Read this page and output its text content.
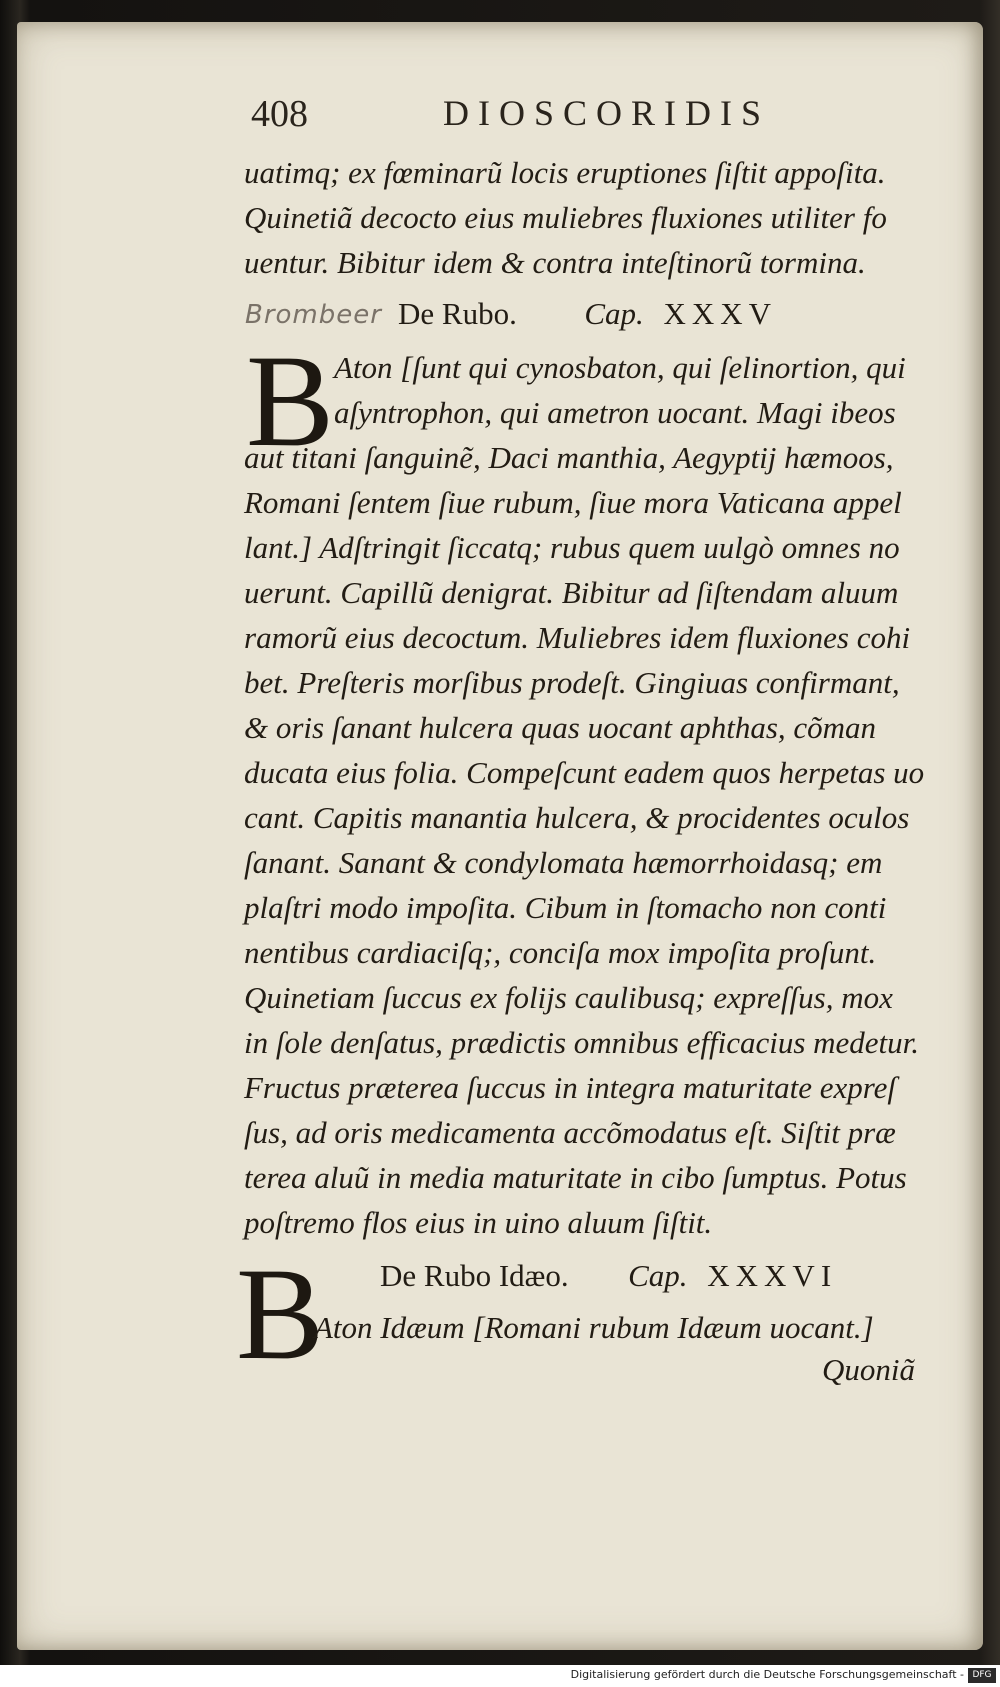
408	DIOSCORIDIS
uatimq; ex fœminarũ locis eruptiones ſiſtit appoſita.
Quinetiã decocto eius muliebres fluxiones utiliter fo
uentur. Bibitur idem & contra inteſtinorũ tormina.
Brombeer De Rubo. Cap. XXXV
B Aton [ſunt qui cynosbaton, qui ſelinortion, qui
aſyntrophon, qui ametron uocant. Magi ibeos
aut titani ſanguinẽ, Daci manthia, Aegyptij hæmoos,
Romani ſentem ſiue rubum, ſiue mora Vaticana appel
lant.] Adſtringit ſiccatq; rubus quem uulgò omnes no
uerunt. Capillũ denigrat. Bibitur ad ſiſtendam aluum
ramorũ eius decoctum. Muliebres idem fluxiones cohi
bet. Preſteris morſibus prodeſt. Gingiuas confirmant,
& oris ſanant hulcera quas uocant aphthas, cõman
ducata eius folia. Compeſcunt eadem quos herpetas uo
cant. Capitis manantia hulcera, & procidentes oculos
ſanant. Sanant & condylomata hæmorrhoidasq; em
plaſtri modo impoſita. Cibum in ſtomacho non conti
nentibus cardiaciſq;, conciſa mox impoſita proſunt.
Quinetiam ſuccus ex folijs caulibusq; expreſſus, mox
in ſole denſatus, prædictis omnibus efficacius medetur.
Fructus præterea ſuccus in integra maturitate expreſ
ſus, ad oris medicamenta accõmodatus eſt. Siſtit præ
terea aluũ in media maturitate in cibo ſumptus. Potus
poſtremo flos eius in uino aluum ſiſtit.
B De Rubo Idæo. Cap. XXXVI
Aton Idæum [Romani rubum Idæum uocant.]
Quoniã
Digitalisierung gefördert durch die Deutsche Forschungsgemeinschaft - DFG
